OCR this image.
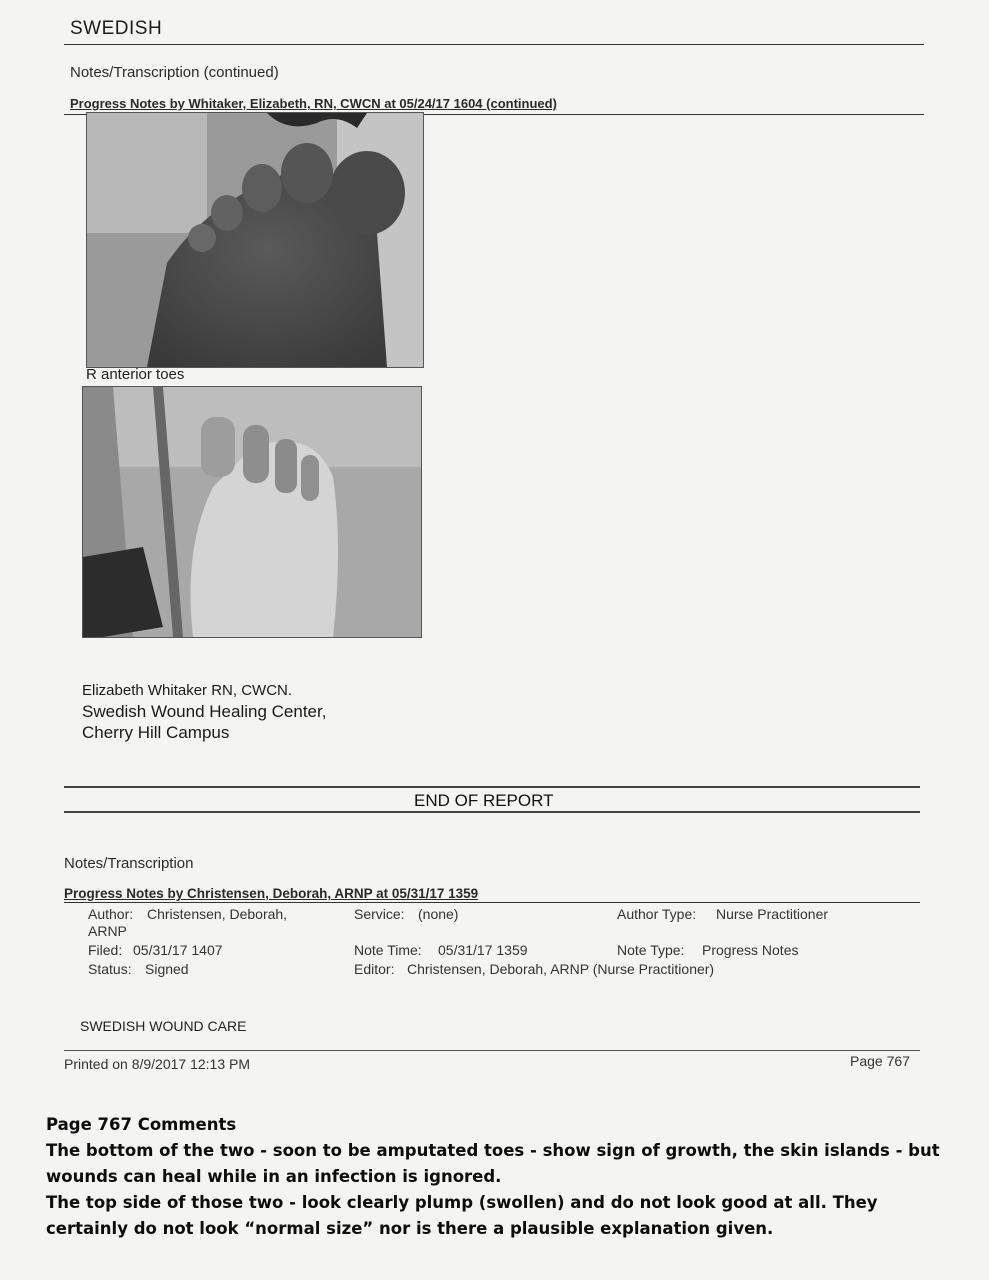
SWEDISH
Notes/Transcription (continued)
Progress Notes by Whitaker, Elizabeth, RN, CWCN at 05/24/17 1604 (continued)
R anterior toes
Elizabeth Whitaker RN, CWCN.
Swedish Wound Healing Center,
Cherry Hill Campus
END OF REPORT
Notes/Transcription
Progress Notes by Christensen, Deborah, ARNP at 05/31/17 1359
Author: Christensen, Deborah,
ARNP
Service: (none)	Author Type: Nurse Practitioner
Filed: 05/31/17 1407	Note Time: 05/31/17 1359	Note Type: Progress Notes
Status: Signed	Editor: Christensen, Deborah, ARNP (Nurse Practitioner)
SWEDISH WOUND CARE
Printed on 8/9/2017 12:13 PM	Page 767

Page 767 Comments

The bottom of the two - soon to be amputated toes - show sign of growth, the skin islands - but wounds can heal while in an infection is ignored.

The top side of those two - look clearly plump (swollen) and do not look good at all. They certainly do not look “normal size” nor is there a plausible explanation given.
